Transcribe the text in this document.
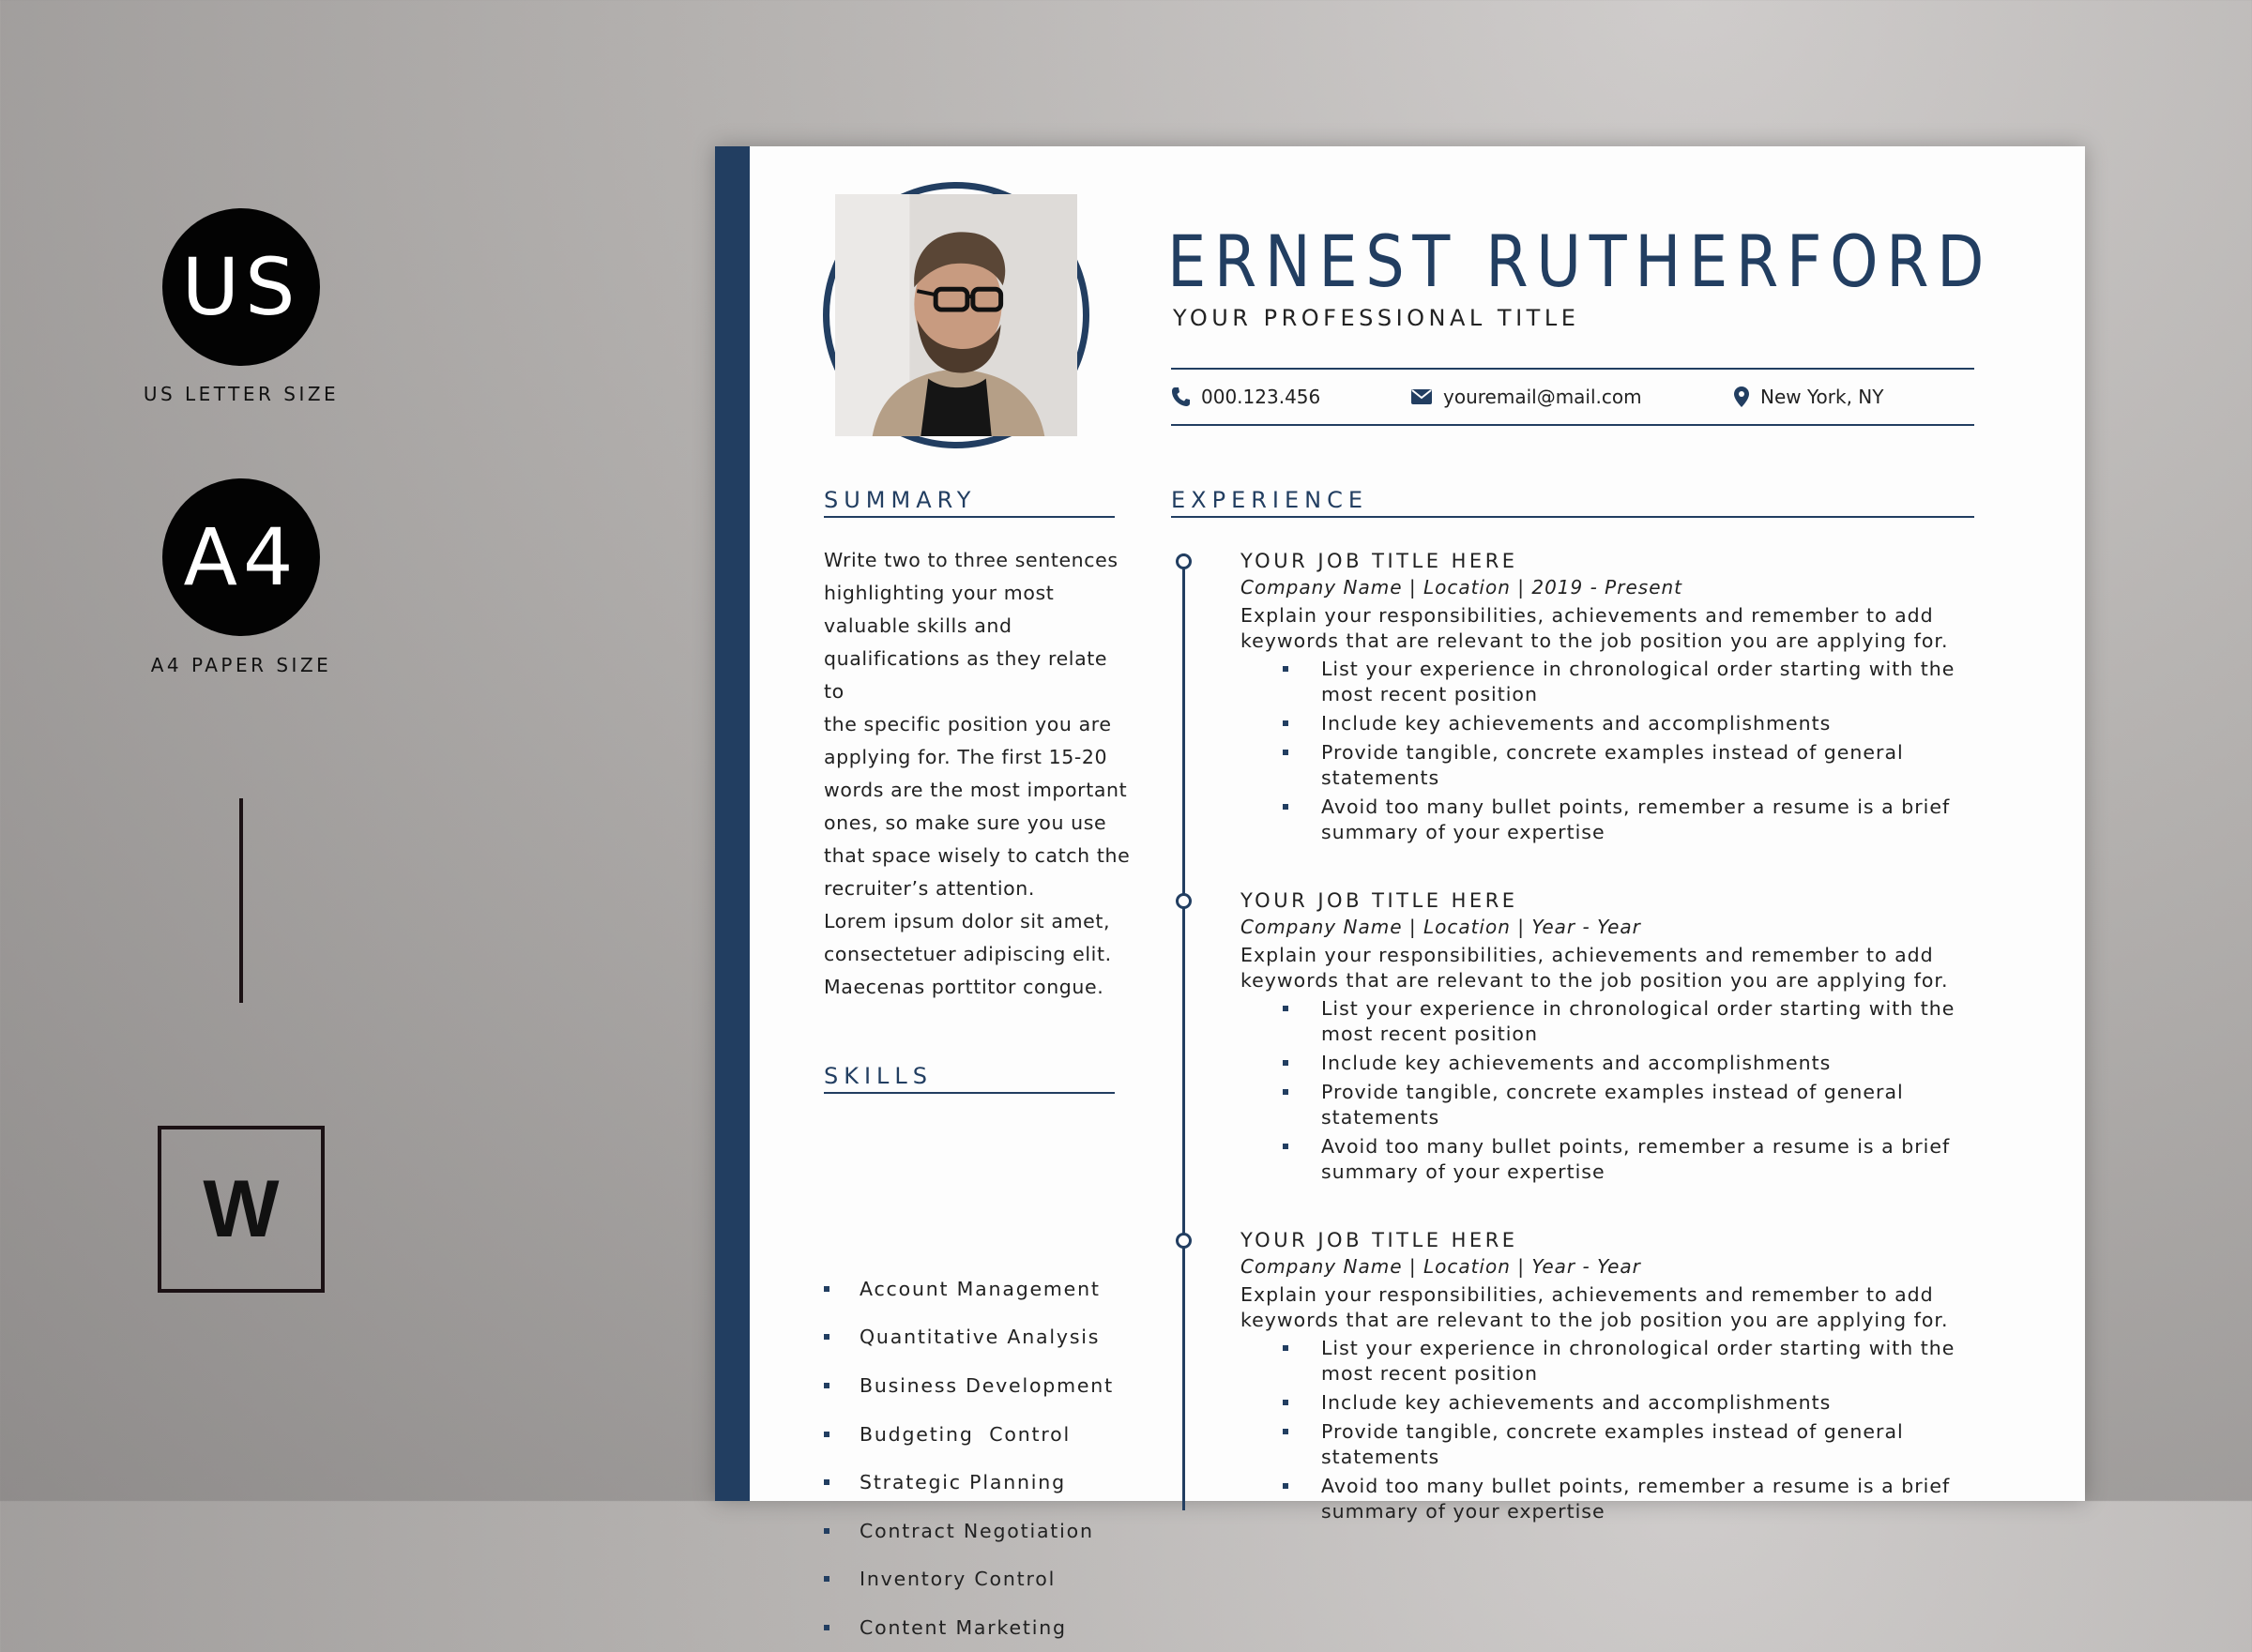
US
US LETTER SIZE
A4
A4 PAPER SIZE
W
ERNEST RUTHERFORD
YOUR PROFESSIONAL TITLE
000.123.456	youremail@mail.com	New York, NY
SUMMARY

Write two to three sentences

highlighting your most

valuable skills and

qualifications as they relate to

the specific position you are

applying for. The first 15-20

words are the most important

ones, so make sure you use

that space wisely to catch the

recruiter’s attention.

Lorem ipsum dolor sit amet,

consectetuer adipiscing elit.

Maecenas porttitor congue.

SKILLS
Account Management
Quantitative Analysis
Business Development
Budgeting  Control
Strategic Planning
Contract Negotiation
Inventory Control
Content Marketing
EXPERIENCE
YOUR JOB TITLE HERE
Company Name | Location | 2019 - Present
Explain your responsibilities, achievements and remember to add keywords that are relevant to the job position you are applying for.
List your experience in chronological order starting with the most recent position
Include key achievements and accomplishments
Provide tangible, concrete examples instead of general statements
Avoid too many bullet points, remember a resume is a brief summary of your expertise
YOUR JOB TITLE HERE
Company Name | Location | Year - Year
Explain your responsibilities, achievements and remember to add keywords that are relevant to the job position you are applying for.
List your experience in chronological order starting with the most recent position
Include key achievements and accomplishments
Provide tangible, concrete examples instead of general statements
Avoid too many bullet points, remember a resume is a brief summary of your expertise
YOUR JOB TITLE HERE
Company Name | Location | Year - Year
Explain your responsibilities, achievements and remember to add keywords that are relevant to the job position you are applying for.
List your experience in chronological order starting with the most recent position
Include key achievements and accomplishments
Provide tangible, concrete examples instead of general statements
Avoid too many bullet points, remember a resume is a brief summary of your expertise
